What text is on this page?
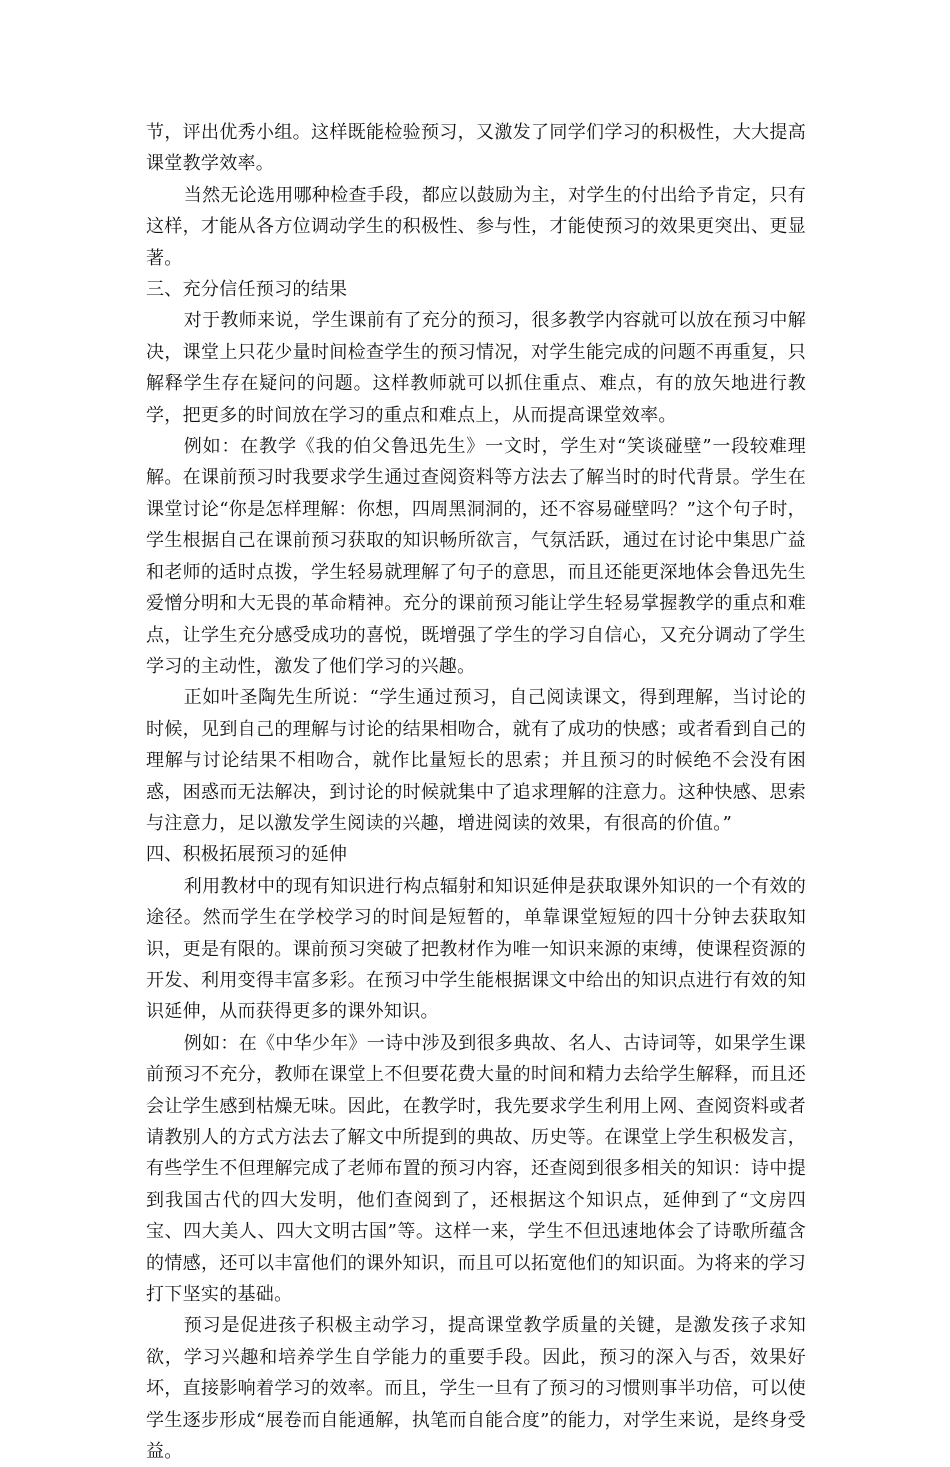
节，评出优秀小组。这样既能检验预习，又激发了同学们学习的积极性，大大提高课堂教学效率。

当然无论选用哪种检查手段，都应以鼓励为主，对学生的付出给予肯定，只有这样，才能从各方位调动学生的积极性、参与性，才能使预习的效果更突出、更显著。

三、充分信任预习的结果

对于教师来说，学生课前有了充分的预习，很多教学内容就可以放在预习中解决，课堂上只花少量时间检查学生的预习情况，对学生能完成的问题不再重复，只解释学生存在疑问的问题。这样教师就可以抓住重点、难点，有的放矢地进行教学，把更多的时间放在学习的重点和难点上，从而提高课堂效率。

例如：在教学《我的伯父鲁迅先生》一文时，学生对“笑谈碰壁”一段较难理解。在课前预习时我要求学生通过查阅资料等方法去了解当时的时代背景。学生在课堂讨论“你是怎样理解：你想，四周黑洞洞的，还不容易碰壁吗？”这个句子时，学生根据自己在课前预习获取的知识畅所欲言，气氛活跃，通过在讨论中集思广益和老师的适时点拨，学生轻易就理解了句子的意思，而且还能更深地体会鲁迅先生爱憎分明和大无畏的革命精神。充分的课前预习能让学生轻易掌握教学的重点和难点，让学生充分感受成功的喜悦，既增强了学生的学习自信心，又充分调动了学生学习的主动性，激发了他们学习的兴趣。

正如叶圣陶先生所说：“学生通过预习，自己阅读课文，得到理解，当讨论的时候，见到自己的理解与讨论的结果相吻合，就有了成功的快感；或者看到自己的理解与讨论结果不相吻合，就作比量短长的思索；并且预习的时候绝不会没有困惑，困惑而无法解决，到讨论的时候就集中了追求理解的注意力。这种快感、思索与注意力，足以激发学生阅读的兴趣，增进阅读的效果，有很高的价值。”

四、积极拓展预习的延伸

利用教材中的现有知识进行构点辐射和知识延伸是获取课外知识的一个有效的途径。然而学生在学校学习的时间是短暂的，单靠课堂短短的四十分钟去获取知识，更是有限的。课前预习突破了把教材作为唯一知识来源的束缚，使课程资源的开发、利用变得丰富多彩。在预习中学生能根据课文中给出的知识点进行有效的知识延伸，从而获得更多的课外知识。

例如：在《中华少年》一诗中涉及到很多典故、名人、古诗词等，如果学生课前预习不充分，教师在课堂上不但要花费大量的时间和精力去给学生解释，而且还会让学生感到枯燥无味。因此，在教学时，我先要求学生利用上网、查阅资料或者请教别人的方式方法去了解文中所提到的典故、历史等。在课堂上学生积极发言，有些学生不但理解完成了老师布置的预习内容，还查阅到很多相关的知识：诗中提到我国古代的四大发明，他们查阅到了，还根据这个知识点，延伸到了“文房四宝、四大美人、四大文明古国”等。这样一来，学生不但迅速地体会了诗歌所蕴含的情感，还可以丰富他们的课外知识，而且可以拓宽他们的知识面。为将来的学习打下坚实的基础。

预习是促进孩子积极主动学习，提高课堂教学质量的关键，是激发孩子求知欲，学习兴趣和培养学生自学能力的重要手段。因此，预习的深入与否，效果好坏，直接影响着学习的效率。而且，学生一旦有了预习的习惯则事半功倍，可以使学生逐步形成“展卷而自能通解，执笔而自能合度”的能力，对学生来说，是终身受益。
